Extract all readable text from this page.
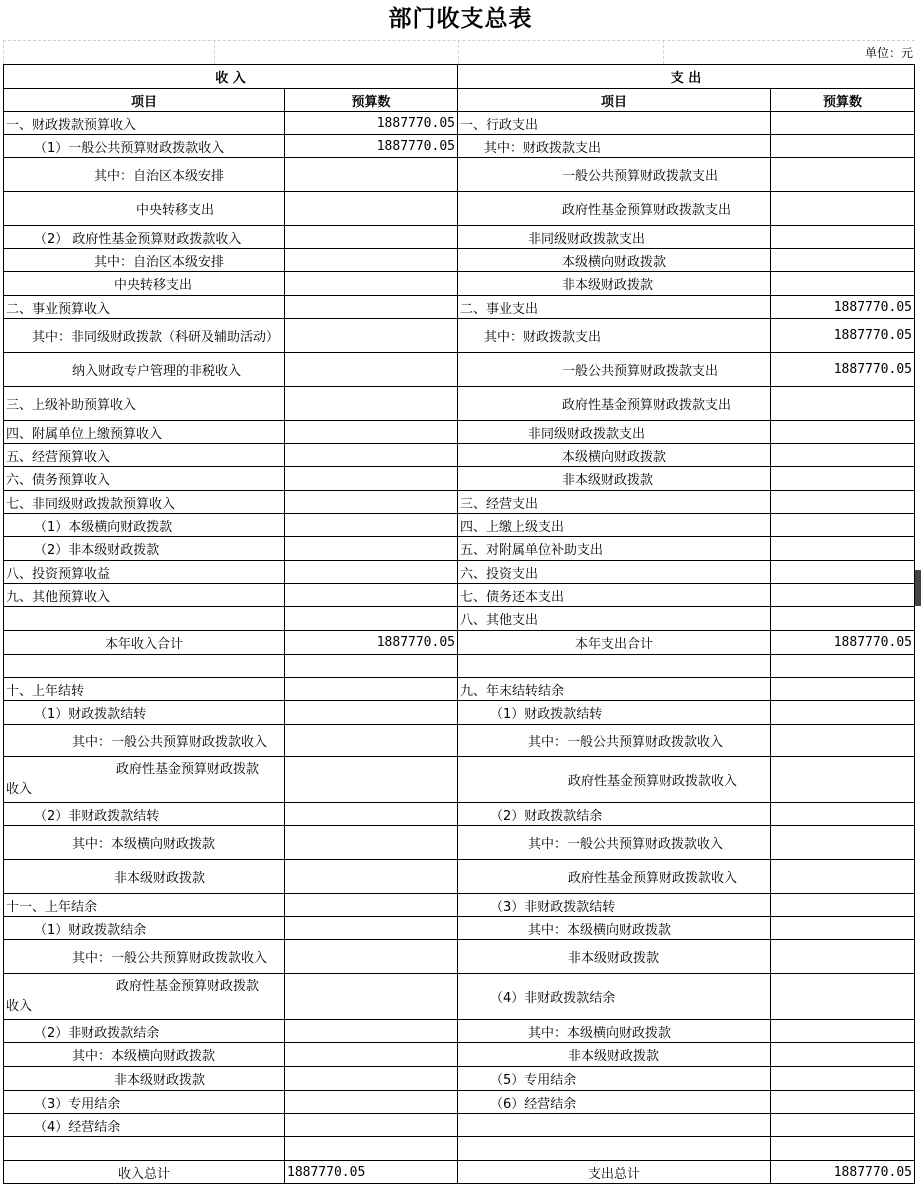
部门收支总表
单位：元
收 入		支 出	
项目	预算数	项目	预算数
一、财政拨款预算收入	1887770.05	一、行政支出	
（1）一般公共预算财政拨款收入	1887770.05	其中：财政拨款支出	
其中：自治区本级安排		一般公共预算财政拨款支出	
中央转移支出		政府性基金预算财政拨款支出	
（2） 政府性基金预算财政拨款收入		非同级财政拨款支出	
其中：自治区本级安排		本级横向财政拨款	
中央转移支出		非本级财政拨款	
二、事业预算收入		二、事业支出	1887770.05
其中：非同级财政拨款（科研及辅助活动）		其中：财政拨款支出	1887770.05
纳入财政专户管理的非税收入		一般公共预算财政拨款支出	1887770.05
三、上级补助预算收入		政府性基金预算财政拨款支出	
四、附属单位上缴预算收入		非同级财政拨款支出	
五、经营预算收入		本级横向财政拨款	
六、债务预算收入		非本级财政拨款	
七、非同级财政拨款预算收入		三、经营支出	
（1）本级横向财政拨款		四、上缴上级支出	
（2）非本级财政拨款		五、对附属单位补助支出	
八、投资预算收益		六、投资支出	
九、其他预算收入		七、债务还本支出	
		八、其他支出	
本年收入合计	1887770.05	本年支出合计	1887770.05

十、上年结转		九、年末结转结余	
（1）财政拨款结转		（1）财政拨款结转	
其中：一般公共预算财政拨款收入		其中：一般公共预算财政拨款收入	

政府性基金预算财政拨款
收入		政府性基金预算财政拨款收入	
（2）非财政拨款结转		（2）财政拨款结余	
其中：本级横向财政拨款		其中：一般公共预算财政拨款收入	
非本级财政拨款		政府性基金预算财政拨款收入	
十一、上年结余		（3）非财政拨款结转	
（1）财政拨款结余		其中：本级横向财政拨款	
其中：一般公共预算财政拨款收入		非本级财政拨款	

政府性基金预算财政拨款
收入		（4）非财政拨款结余	
（2）非财政拨款结余		其中：本级横向财政拨款	
其中：本级横向财政拨款		非本级财政拨款	
非本级财政拨款		（5）专用结余	
（3）专用结余		（6）经营结余	
（4）经营结余			

收入总计	1887770.05	支出总计	1887770.05
